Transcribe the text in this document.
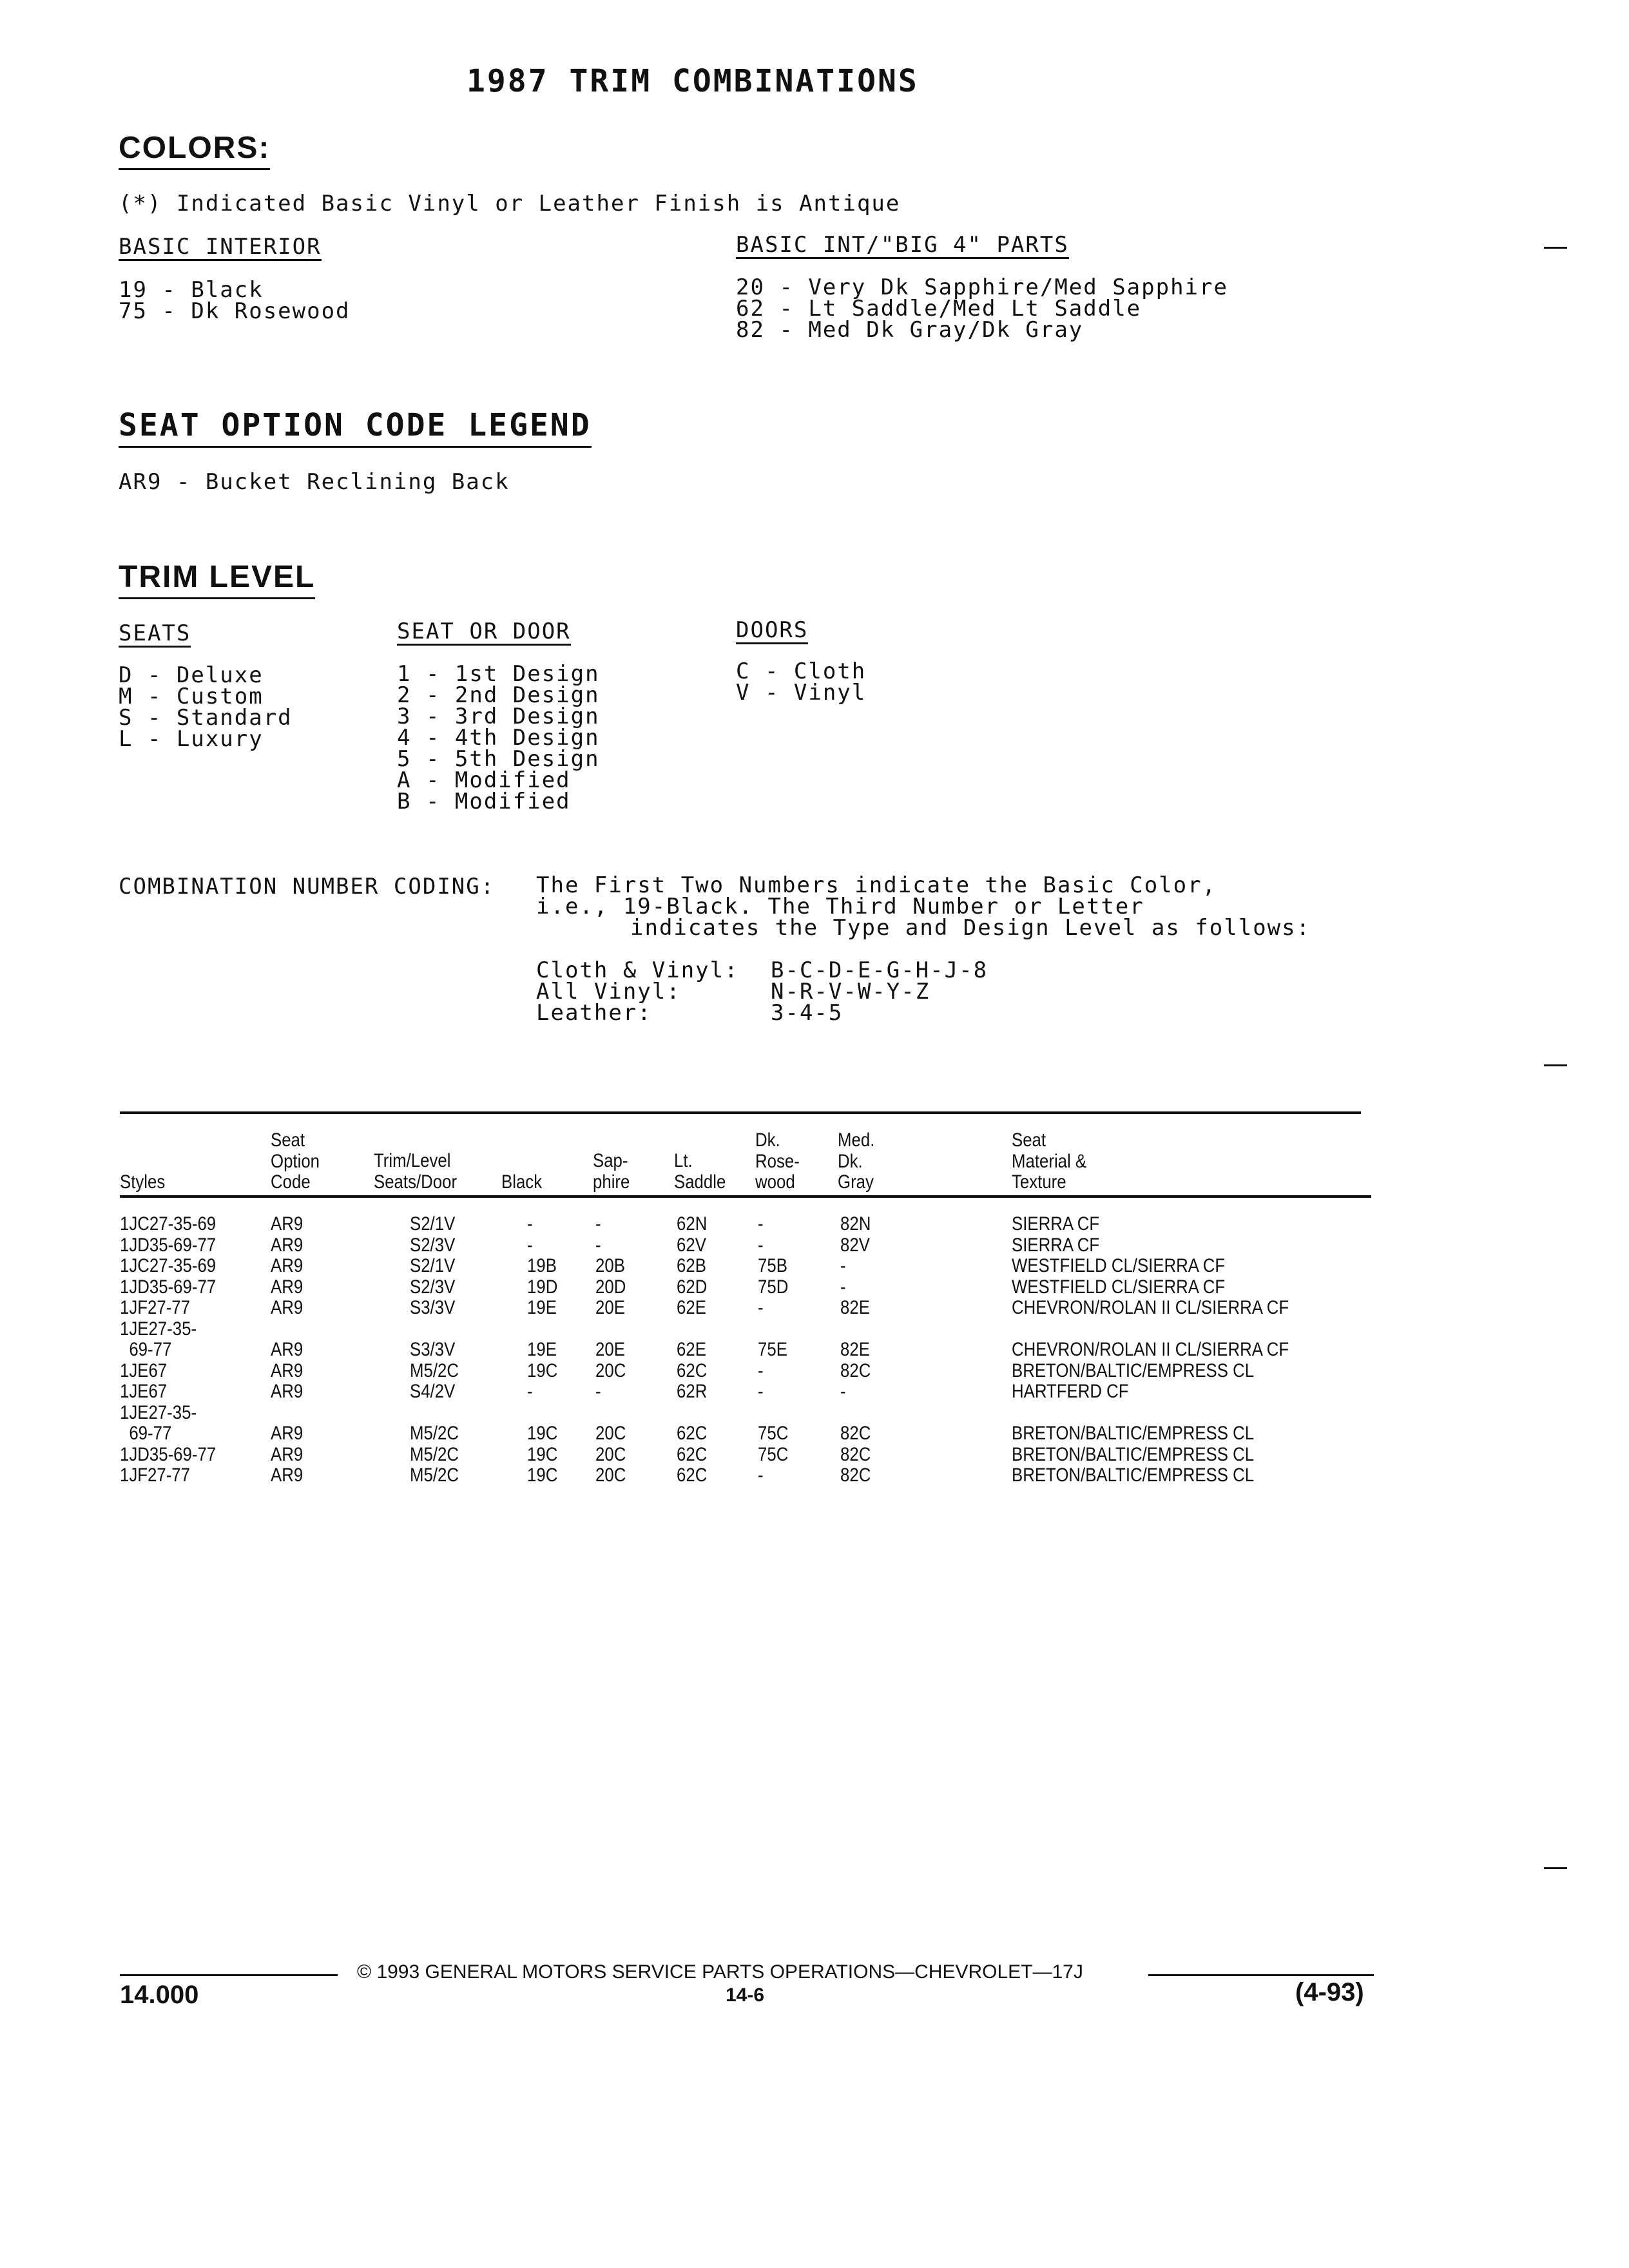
1987 TRIM COMBINATIONS
COLORS:
(*) Indicated Basic Vinyl or Leather Finish is Antique
BASIC INTERIOR
19 - Black
75 - Dk Rosewood
BASIC INT/"BIG 4" PARTS
20 - Very Dk Sapphire/Med Sapphire
62 - Lt Saddle/Med Lt Saddle
82 - Med Dk Gray/Dk Gray
SEAT OPTION CODE LEGEND
AR9 - Bucket Reclining Back
TRIM LEVEL
SEATS
D - Deluxe
M - Custom
S - Standard
L - Luxury
SEAT OR DOOR
1 - 1st Design
2 - 2nd Design
3 - 3rd Design
4 - 4th Design
5 - 5th Design
A - Modified
B - Modified
DOORS
C - Cloth
V - Vinyl
COMBINATION NUMBER CODING: The First Two Numbers indicate the Basic Color,
i.e., 19-Black. The Third Number or Letter
indicates the Type and Design Level as follows:
Cloth & Vinyl:
All Vinyl:
Leather:
B-C-D-E-G-H-J-8
N-R-V-W-Y-Z
3-4-5
Seat
Option
Code
Styles
Trim/Level
Seats/Door Black
Sap-
phire
Lt.
Saddle
Dk.
Rose-
wood
Med.
Dk.
Gray
Seat
Material &
Texture
1JC27-35-69
1JD35-69-77
1JC27-35-69
1JD35-69-77
1JF27-77
1JE27-35-
69-77
1JE67
1JE67
1JE27-35-
69-77
1JD35-69-77
1JF27-77
AR9
AR9
AR9
AR9
AR9

AR9
AR9
AR9

AR9
AR9
AR9
S2/1V
S2/3V
S2/1V
S2/3V
S3/3V

S3/3V
M5/2C
S4/2V

M5/2C
M5/2C
M5/2C
-
-
19B
19D
19E

19E
19C
-

19C
19C
19C
-
-
20B
20D
20E

20E
20C
-

20C
20C
20C
62N
62V
62B
62D
62E

62E
62C
62R

62C
62C
62C
-
-
75B
75D
-

75E
-
-

75C
75C
-
82N
82V
-
-
82E

82E
82C
-

82C
82C
82C
SIERRA CF
SIERRA CF
WESTFIELD CL/SIERRA CF
WESTFIELD CL/SIERRA CF
CHEVRON/ROLAN II CL/SIERRA CF

CHEVRON/ROLAN II CL/SIERRA CF
BRETON/BALTIC/EMPRESS CL
HARTFERD CF

BRETON/BALTIC/EMPRESS CL
BRETON/BALTIC/EMPRESS CL
BRETON/BALTIC/EMPRESS CL
© 1993 GENERAL MOTORS SERVICE PARTS OPERATIONS—CHEVROLET—17J
14.000	14-6	(4-93)
